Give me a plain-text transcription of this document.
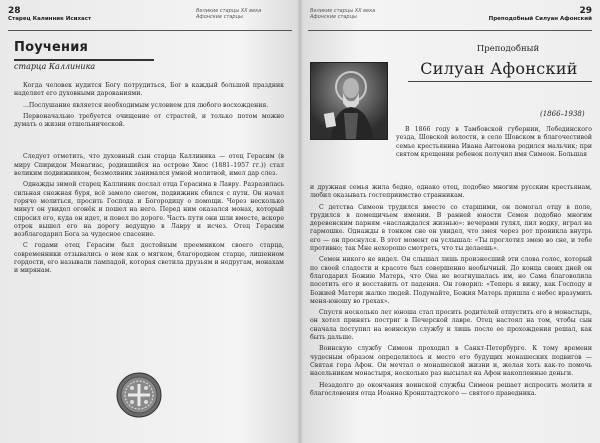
28
Старец Калинник Исихаст
Великие старцы XX века
Афонские старцы
Поучения
старца Каллиника

Когда человек нудится Богу потрудиться, Бог в каждый большой праздник наделяет его духовными дарованиями.

...Послушание является необходимым условием для любого восхождения.

Первоначально требуется очищение от страстей, и только потом можно думать о жизни отшельнической.

Следует отметить, что духовный сын старца Каллиника — отец Герасим (в миру Спиридон Менагиас, родившийся на острове Хиос (1881–1957 гг.)) стал великим подвижником, безмолвник занимался умной молитвой, имел дар слез.

Однажды зимой старец Каллиник послал отца Герасима в Лавру. Разразилась сильная снежная буря, всё замело снегом, подвижник сбился с пути. Он начал горячо молиться, просить Господа и Богородицу о помощи. Через несколько минут он увидел огонёк и пошел на него. Перед ним оказался монах, который спросил его, куда он идет, и повел по дороге. Часть пути они шли вместе, вскоре отрок вышел его на дорогу ведущую в Лавру и исчез. Отец Герасим возблагодарил Бога за чудесное спасение.

С годами отец Герасим был достойным преемником своего старца, современники отзывались о нем как о мягком, благородном старце, лишенном гордости, его называли лампадой, которая светила друзьям и недругам, монахам и мирянам.

Великие старцы XX века
Афонские старцы
29
Преподобный Силуан Афонский
Преподобный
Силуан Афонский
(1866–1938)

В 1866 году в Тамбовской губернии, Лебединского уезда, Шовской волости, в селе Шовском в благочестивой семье крестьянина Ивана Антонова родился мальчик; при святом крещении ребенок получил имя Симеон. Большая

и дружная семья жила бедно, однако отец, подобно многим русским крестьянам, любил оказывать гостеприимство странникам.

С детства Симеон трудился вместе со старшими, он помогал отцу в поле, трудился в помещичьем имении. В ранней юности Семен подобно многим деревенским парням «наслаждался жизнью»: вечерами гулял, пил водку, играл на гармошке. Однажды в тонком сне он увидел, что змея через рот проникла внутрь его — он проснулся. В этот момент он услышал: «Ты проглотил змею во сне, и тебе противно; так Мне нехорошо смотреть, что ты делаешь».

Семен никого не видел. Он слышал лишь произнесший эти слова голос, который по своей сладости и красоте был совершенно необычный. До конца своих дней он благодарил Божию Матерь, что Она не возгнушалась им, но Сама благоволила посетить его и восставить от падения. Он говорил: «Теперь я вижу, как Господу и Божией Матери жалко людей. Подумайте, Божия Матерь пришла с небес вразумить меня-юношу во грехах».

Спустя несколько лет юноша стал просить родителей отпустить его в монастырь, он хотел принять постриг в Печерской лавре. Отец настоял на том, чтобы сын сначала поступил на воинскую службу и лишь после ее прохождения решал, как быть дальше.

Воинскую службу Симеон проходил в Санкт-Петербурге. К тому времени чудесным образом определилось и место его будущих монашеских подвигов — Святая гора Афон. Он мечтал о монашеской жизни и, желая хоть как-то помочь насельникам монастыря, несколько раз высылал на Афон накопленные деньги.

Незадолго до окончания воинской службы Симеон решает испросить молитв и благословения отца Иоанна Кронштадтского — святого праведника.
